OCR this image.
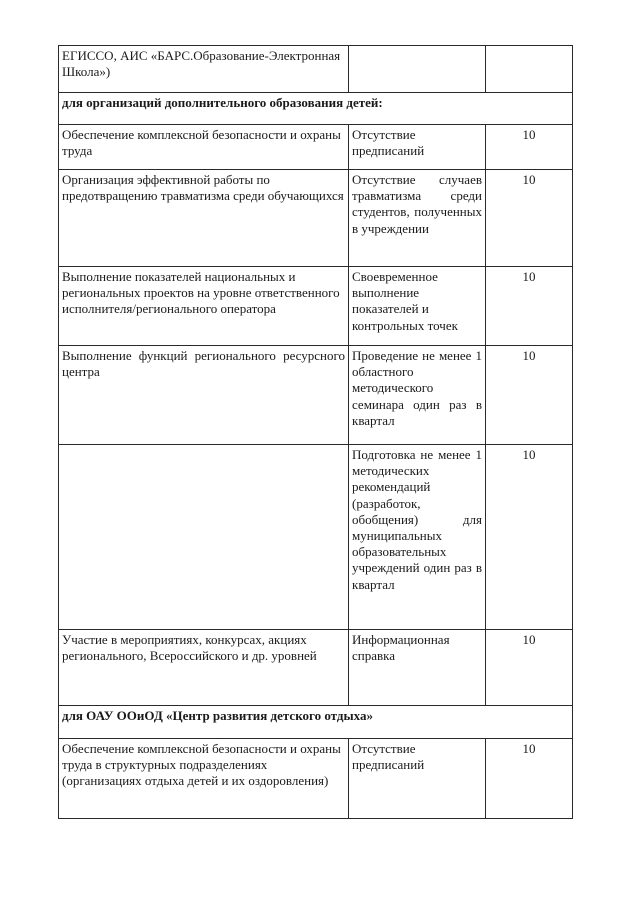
ЕГИССО, АИС «БАРС.Образование-Электронная Школа»)		
для организаций дополнительного образования детей:		
Обеспечение комплексной безопасности и охраны труда	Отсутствие предписаний	10
Организация эффективной работы по предотвращению травматизма среди обучающихся	Отсутствие случаев травматизма среди студентов, полученных в учреждении	10
Выполнение показателей национальных и региональных проектов на уровне ответственного исполнителя/регионального оператора	Своевременное выполнение показателей и контрольных точек	10
Выполнение функций регионального ресурсного центра	Проведение не менее 1 областного методического семинара один раз в квартал	10
	Подготовка не менее 1 методических рекомендаций (разработок, обобщения) для муниципальных образовательных учреждений один раз в квартал	10
Участие в мероприятиях, конкурсах, акциях регионального, Всероссийского и др. уровней	Информационная справка	10
для ОАУ ООиОД «Центр развития детского отдыха»		
Обеспечение комплексной безопасности и охраны труда в структурных подразделениях (организациях отдыха детей и их оздоровления)	Отсутствие предписаний	10
